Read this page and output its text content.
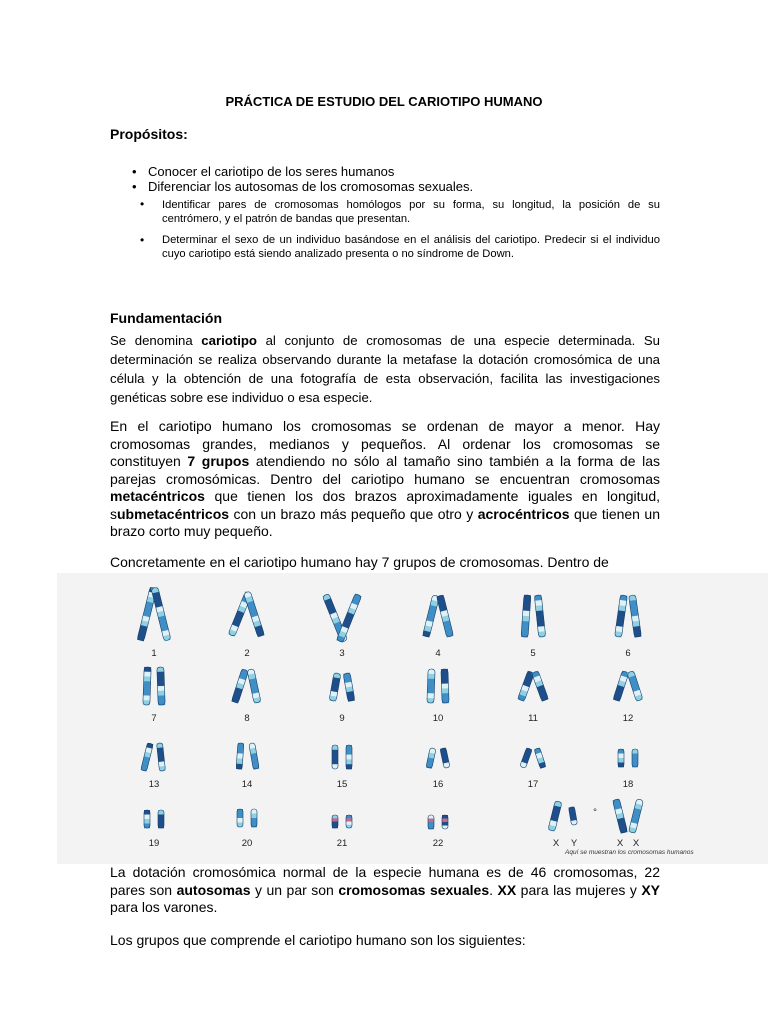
PRÁCTICA DE ESTUDIO DEL CARIOTIPO HUMANO
Propósitos:
• Conocer el cariotipo de los seres humanos
• Diferenciar los autosomas de los cromosomas sexuales.
• Identificar pares de cromosomas homólogos por su forma, su longitud, la posición de su centrómero, y el patrón de bandas que presentan.
• Determinar el sexo de un individuo basándose en el análisis del cariotipo. Predecir si el individuo cuyo cariotipo está siendo analizado presenta o no síndrome de Down.
Fundamentación
Se denomina cariotipo al conjunto de cromosomas de una especie determinada. Su determinación se realiza observando durante la metafase la dotación cromosómica de una célula y la obtención de una fotografía de esta observación, facilita las investigaciones genéticas sobre ese individuo o esa especie.
En el cariotipo humano los cromosomas se ordenan de mayor a menor. Hay cromosomas grandes, medianos y pequeños. Al ordenar los cromosomas se constituyen 7 grupos atendiendo no sólo al tamaño sino también a la forma de las parejas cromosómicas. Dentro del cariotipo humano se encuentran cromosomas metacéntricos que tienen los dos brazos aproximadamente iguales en longitud, submetacéntricos con un brazo más pequeño que otro y acrocéntricos que tienen un brazo corto muy pequeño.
Concretamente en el cariotipo humano hay 7 grupos de cromosomas. Dentro de
1	2	3	4	5	6
7	8	9	10	11	12
13	14	15	16	17	18
19	20	21	22	X	Y	X	X
°
Aquí se muestran los cromosomas humanos
La dotación cromosómica normal de la especie humana es de 46 cromosomas, 22 pares son autosomas y un par son cromosomas sexuales. XX para las mujeres y XY para los varones.
Los grupos que comprende el cariotipo humano son los siguientes:
